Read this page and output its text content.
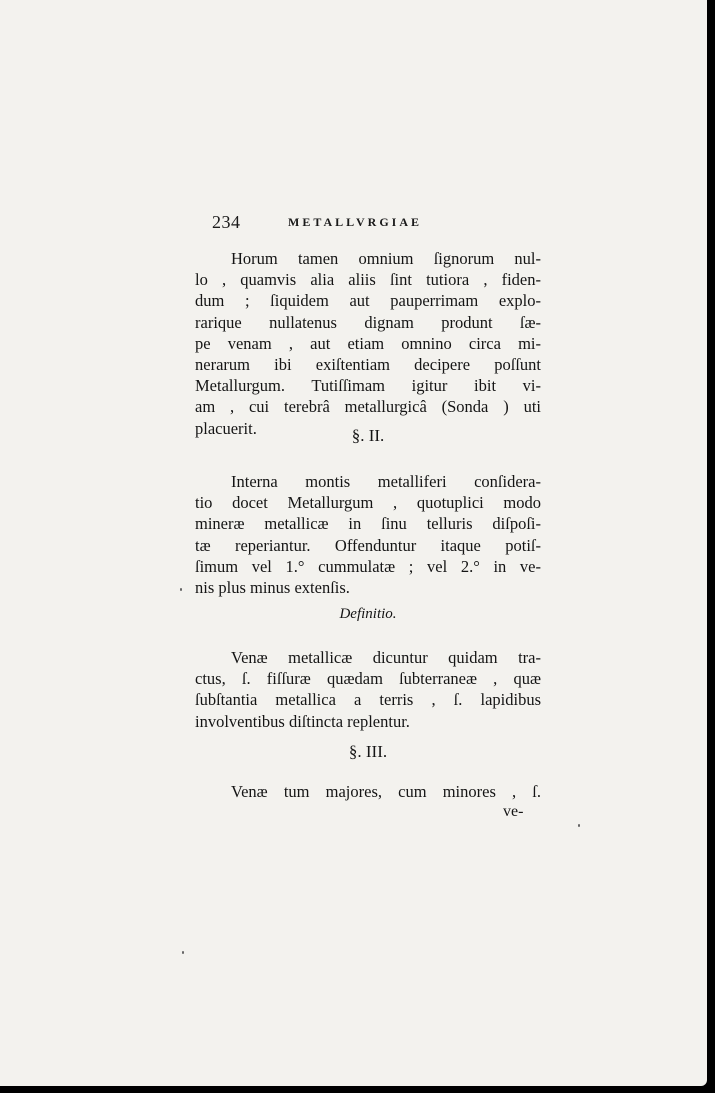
234	METALLVRGIAE
Horum tamen omnium ſignorum nul-
lo , quamvis alia aliis ſint tutiora , fiden-
dum ; ſiquidem aut pauperrimam explo-
rarique nullatenus dignam produnt ſæ-
pe venam , aut etiam omnino circa mi-
nerarum ibi exiſtentiam decipere poſſunt
Metallurgum. Tutiſſimam igitur ibit vi-
am , cui terebrâ metallurgicâ (Sonda ) uti
placuerit.	§. II.
Interna montis metalliferi conſidera-
tio docet Metallurgum , quotuplici modo
mineræ metallicæ in ſinu telluris diſpoſi-
tæ reperiantur. Offenduntur itaque potiſ-
ſimum vel 1.° cummulatæ ; vel 2.° in ve-
nis plus minus extenſis.
Definitio.
Venæ metallicæ dicuntur quidam tra-
ctus, ſ. fiſſuræ quædam ſubterraneæ , quæ
ſubſtantia metallica a terris , ſ. lapidibus
involventibus diſtincta replentur.
§. III.
Venæ tum majores, cum minores , ſ.
ve-
